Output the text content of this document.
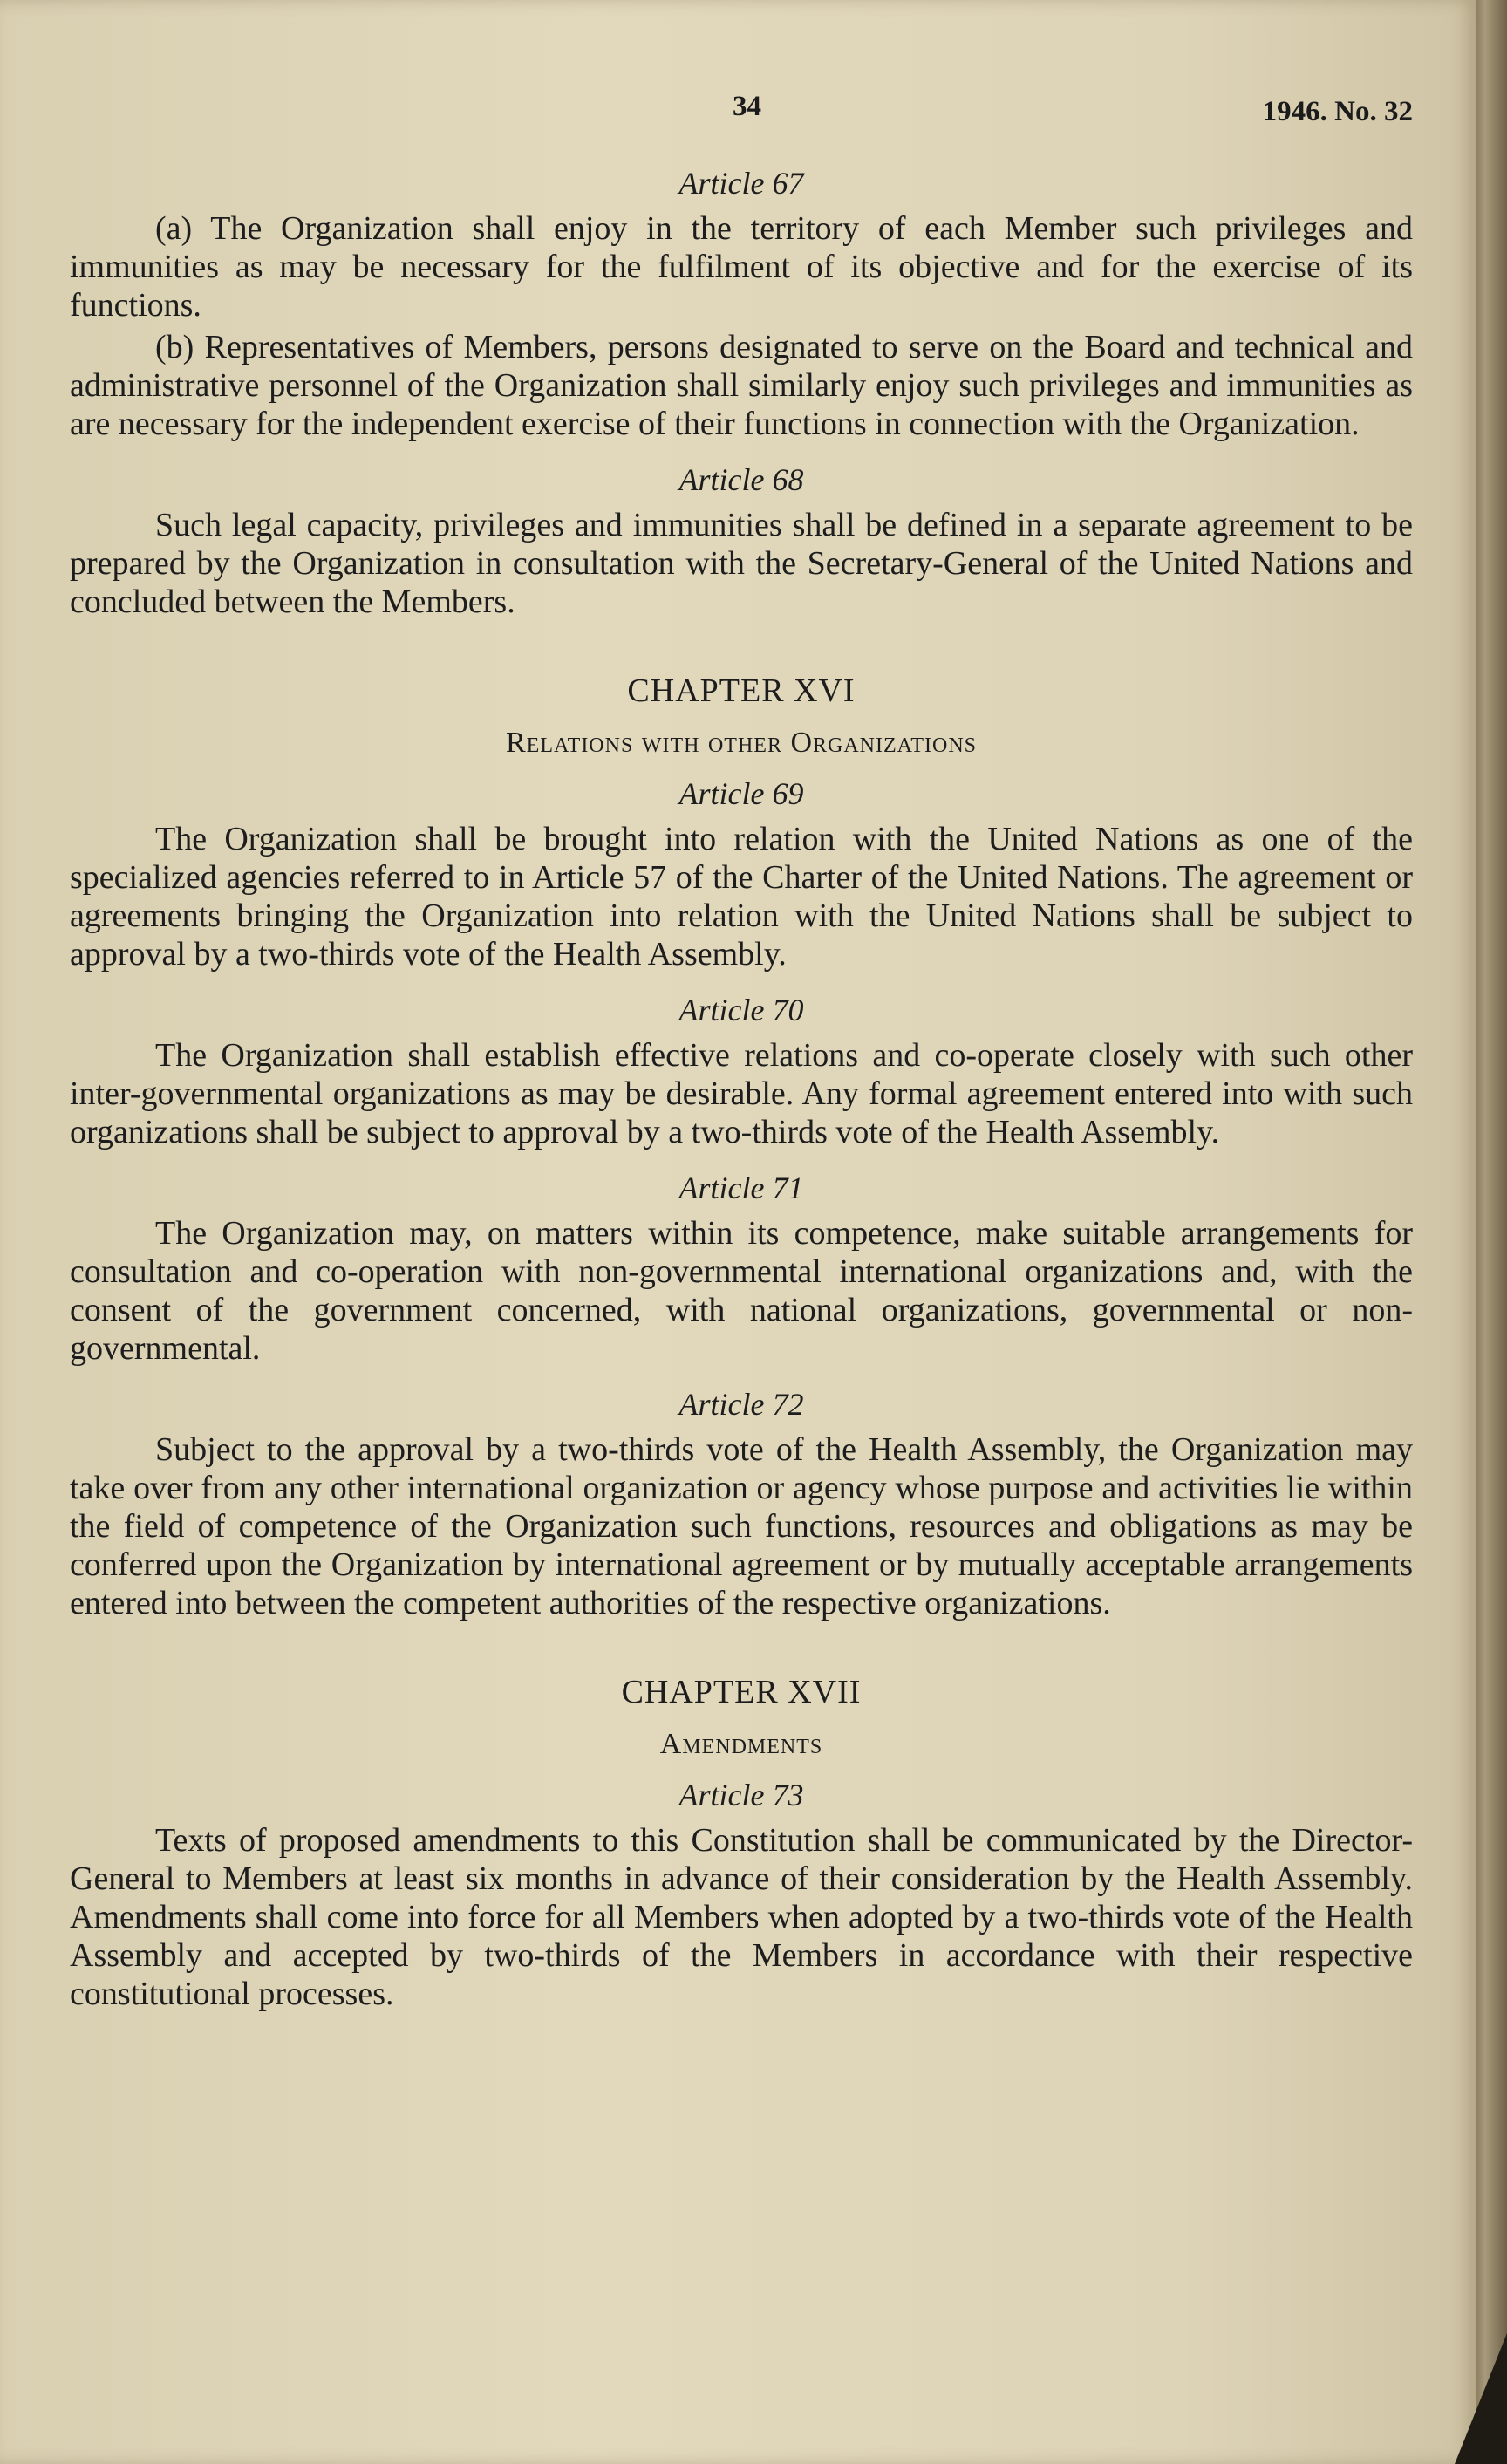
34	1946. No. 32
Article 67

(a) The Organization shall enjoy in the territory of each Member such privileges and immunities as may be necessary for the fulfilment of its objective and for the exercise of its functions.

(b) Representatives of Members, persons designated to serve on the Board and technical and administrative personnel of the Organization shall similarly enjoy such privileges and immunities as are necessary for the independent exercise of their functions in connection with the Organization.

Article 68

Such legal capacity, privileges and immunities shall be defined in a separate agreement to be prepared by the Organization in consultation with the Secretary-General of the United Nations and concluded between the Members.

CHAPTER XVI
Relations with other Organizations
Article 69

The Organization shall be brought into relation with the United Nations as one of the specialized agencies referred to in Article 57 of the Charter of the United Nations. The agreement or agreements bringing the Organization into relation with the United Nations shall be subject to approval by a two-thirds vote of the Health Assembly.

Article 70

The Organization shall establish effective relations and co-operate closely with such other inter-governmental organizations as may be desirable. Any formal agreement entered into with such organizations shall be subject to approval by a two-thirds vote of the Health Assembly.

Article 71

The Organization may, on matters within its competence, make suitable arrangements for consultation and co-operation with non-governmental international organizations and, with the consent of the government concerned, with national organizations, governmental or non-governmental.

Article 72

Subject to the approval by a two-thirds vote of the Health Assembly, the Organization may take over from any other international organization or agency whose purpose and activities lie within the field of competence of the Organization such functions, resources and obligations as may be conferred upon the Organization by international agreement or by mutually acceptable arrangements entered into between the competent authorities of the respective organizations.

CHAPTER XVII
Amendments
Article 73

Texts of proposed amendments to this Constitution shall be communicated by the Director-General to Members at least six months in advance of their consideration by the Health Assembly. Amendments shall come into force for all Members when adopted by a two-thirds vote of the Health Assembly and accepted by two-thirds of the Members in accordance with their respective constitutional processes.
